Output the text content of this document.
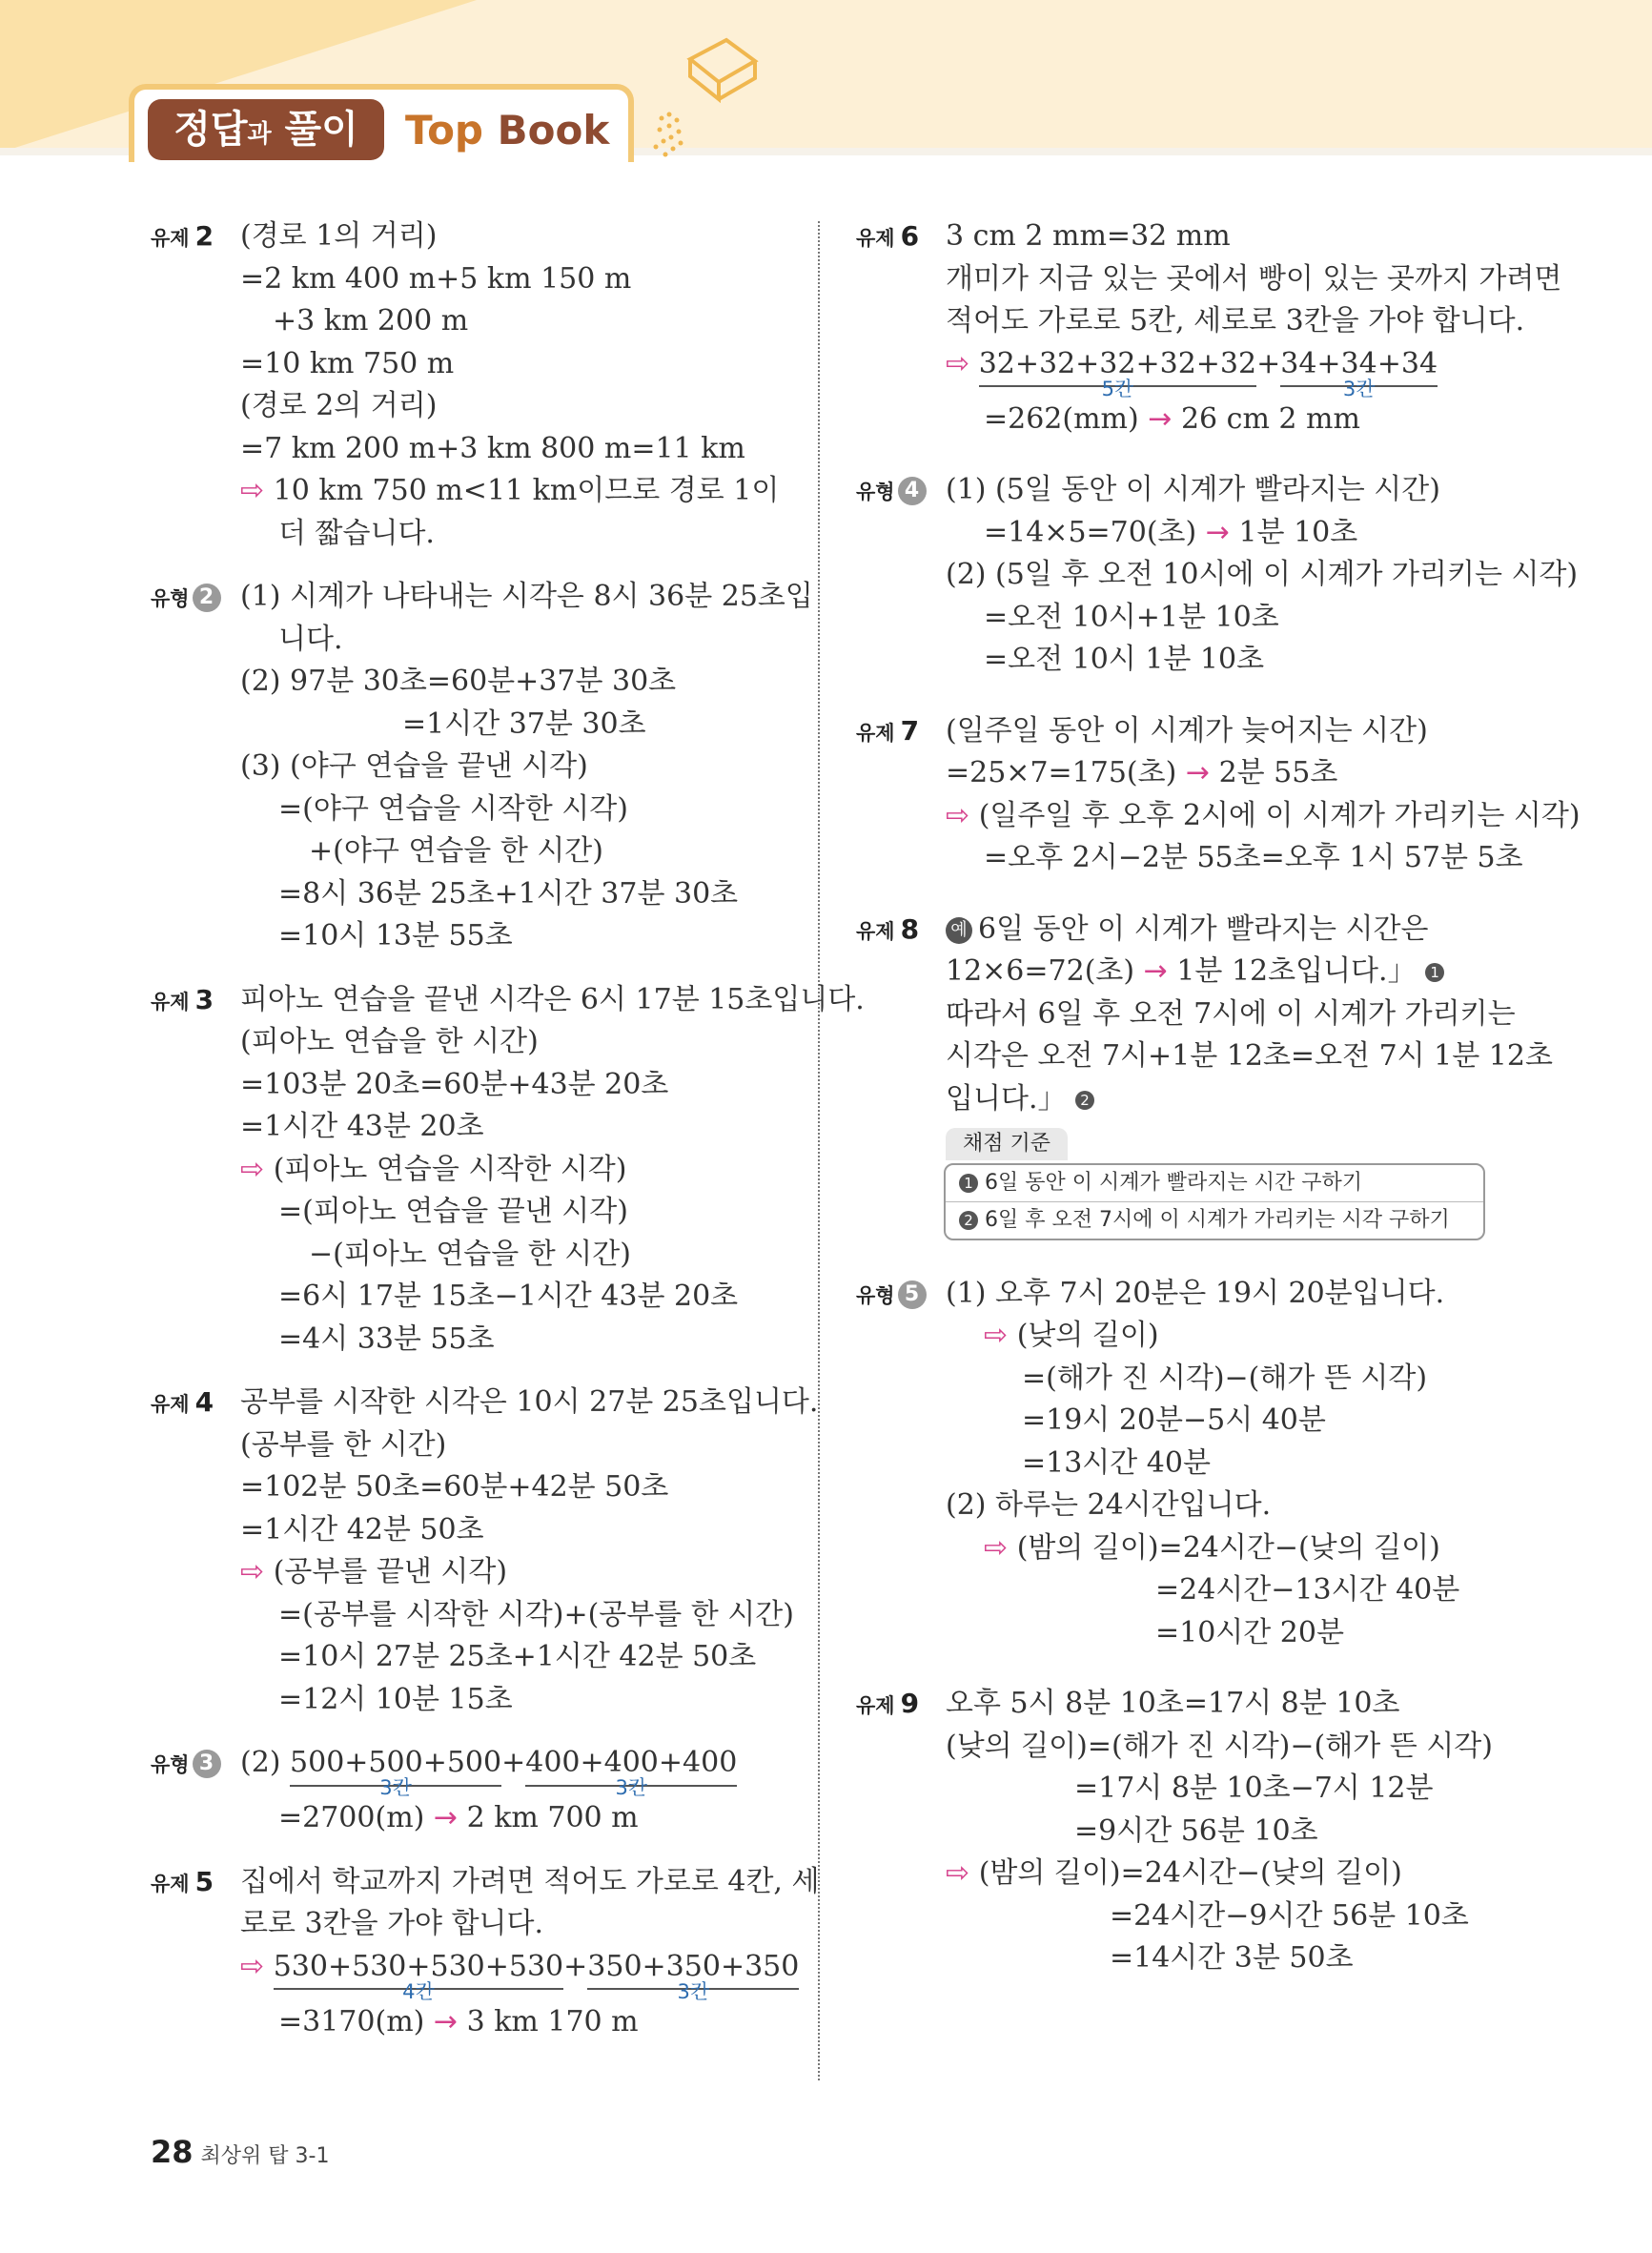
정답과 풀이	Top Book
유제 2 (경로 1의 거리)
=2 km 400 m+5 km 150 m
+3 km 200 m
=10 km 750 m
(경로 2의 거리)
=7 km 200 m+3 km 800 m=11 km
⇨ 10 km 750 m<11 km이므로 경로 1이
더 짧습니다.
유형 2 (1) 시계가 나타내는 시각은 8시 36분 25초입
니다.
(2) 97분 30초=60분+37분 30초
=1시간 37분 30초
(3) (야구 연습을 끝낸 시각)
=(야구 연습을 시작한 시각)
+(야구 연습을 한 시간)
=8시 36분 25초+1시간 37분 30초
=10시 13분 55초
유제 3 피아노 연습을 끝낸 시각은 6시 17분 15초입니다.
(피아노 연습을 한 시간)
=103분 20초=60분+43분 20초
=1시간 43분 20초
⇨ (피아노 연습을 시작한 시각)
=(피아노 연습을 끝낸 시각)
−(피아노 연습을 한 시간)
=6시 17분 15초−1시간 43분 20초
=4시 33분 55초
유제 4 공부를 시작한 시각은 10시 27분 25초입니다.
(공부를 한 시간)
=102분 50초=60분+42분 50초
=1시간 42분 50초
⇨ (공부를 끝낸 시각)
=(공부를 시작한 시각)+(공부를 한 시간)
=10시 27분 25초+1시간 42분 50초
=12시 10분 15초
유형 3 (2) 500+500+500
3칸
+400+400+400
3칸
=2700(m) → 2 km 700 m
유제 5 집에서 학교까지 가려면 적어도 가로로 4칸, 세
로로 3칸을 가야 합니다.
⇨ 530+530+530+530
4칸
+350+350+350
3칸
=3170(m) → 3 km 170 m
유제 6 3 cm 2 mm=32 mm
개미가 지금 있는 곳에서 빵이 있는 곳까지 가려면
적어도 가로로 5칸, 세로로 3칸을 가야 합니다.
⇨ 32+32+32+32+32
5칸
+34+34+34
3칸
=262(mm) → 26 cm 2 mm
유형 4 (1) (5일 동안 이 시계가 빨라지는 시간)
=14×5=70(초) → 1분 10초
(2) (5일 후 오전 10시에 이 시계가 가리키는 시각)
=오전 10시+1분 10초
=오전 10시 1분 10초
유제 7 (일주일 동안 이 시계가 늦어지는 시간)
=25×7=175(초) → 2분 55초
⇨ (일주일 후 오후 2시에 이 시계가 가리키는 시각)
=오후 2시−2분 55초=오후 1시 57분 5초
유제 8 예 6일 동안 이 시계가 빨라지는 시간은
12×6=72(초) → 1분 12초입니다.」 1
따라서 6일 후 오전 7시에 이 시계가 가리키는
시각은 오전 7시+1분 12초=오전 7시 1분 12초
입니다.」 2
채점 기준
1 6일 동안 이 시계가 빨라지는 시간 구하기
2 6일 후 오전 7시에 이 시계가 가리키는 시각 구하기
유형 5 (1) 오후 7시 20분은 19시 20분입니다.
⇨ (낮의 길이)
=(해가 진 시각)−(해가 뜬 시각)
=19시 20분−5시 40분
=13시간 40분
(2) 하루는 24시간입니다.
⇨ (밤의 길이)=24시간−(낮의 길이)
=24시간−13시간 40분
=10시간 20분
유제 9 오후 5시 8분 10초=17시 8분 10초
(낮의 길이)=(해가 진 시각)−(해가 뜬 시각)
=17시 8분 10초−7시 12분
=9시간 56분 10초
⇨ (밤의 길이)=24시간−(낮의 길이)
=24시간−9시간 56분 10초
=14시간 3분 50초
28 최상위 탑 3-1
